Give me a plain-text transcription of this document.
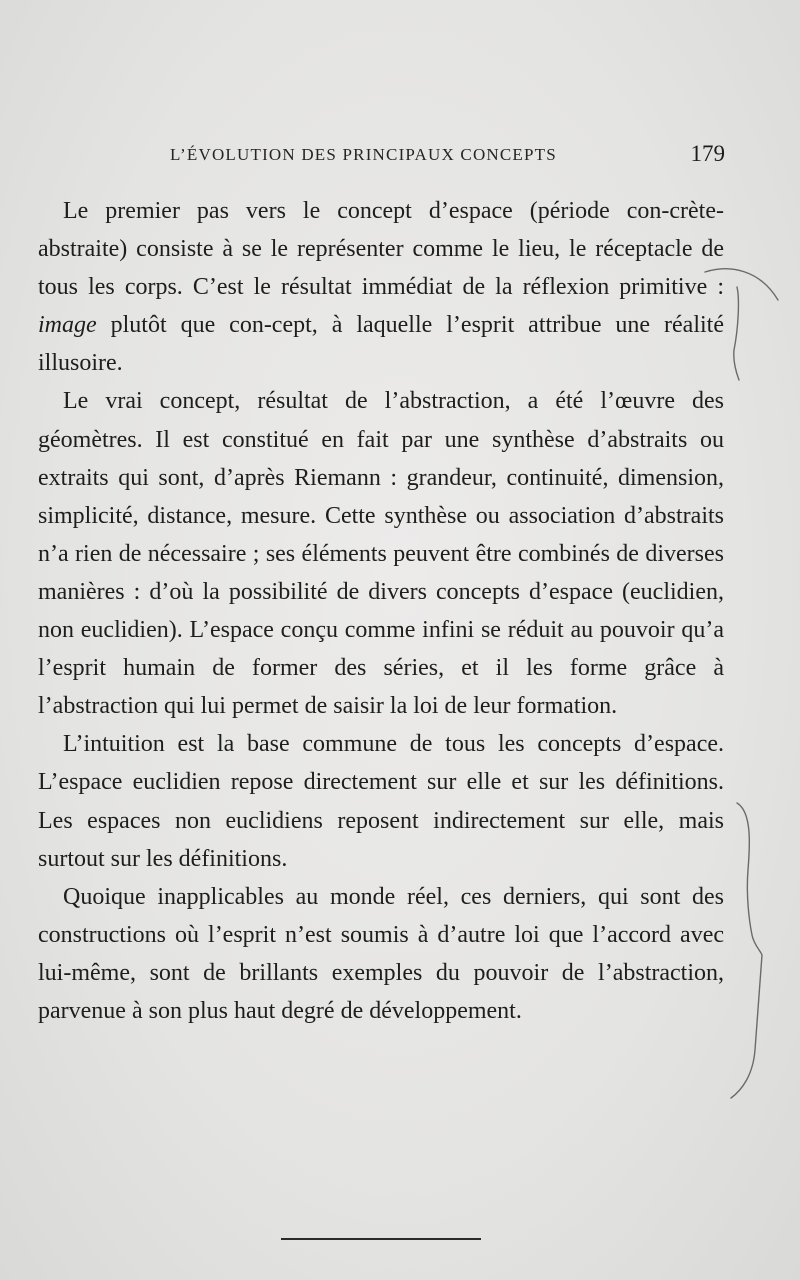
L’ÉVOLUTION DES PRINCIPAUX CONCEPTS	179

Le premier pas vers le concept d’espace (période con-crète-abstraite) consiste à se le représenter comme le lieu, le réceptacle de tous les corps. C’est le résultat immédiat de la réflexion primitive : image plutôt que con-cept, à laquelle l’esprit attribue une réalité illusoire.

Le vrai concept, résultat de l’abstraction, a été l’œuvre des géomètres. Il est constitué en fait par une synthèse d’abstraits ou extraits qui sont, d’après Riemann : grandeur, continuité, dimension, simplicité, distance, mesure. Cette synthèse ou association d’abstraits n’a rien de nécessaire ; ses éléments peuvent être combinés de diverses manières : d’où la possibilité de divers concepts d’espace (euclidien, non euclidien). L’espace conçu comme infini se réduit au pouvoir qu’a l’esprit humain de former des séries, et il les forme grâce à l’abstraction qui lui permet de saisir la loi de leur formation.

L’intuition est la base commune de tous les concepts d’espace. L’espace euclidien repose directement sur elle et sur les définitions. Les espaces non euclidiens reposent indirectement sur elle, mais surtout sur les définitions.

Quoique inapplicables au monde réel, ces derniers, qui sont des constructions où l’esprit n’est soumis à d’autre loi que l’accord avec lui-même, sont de brillants exemples du pouvoir de l’abstraction, parvenue à son plus haut degré de développement.
